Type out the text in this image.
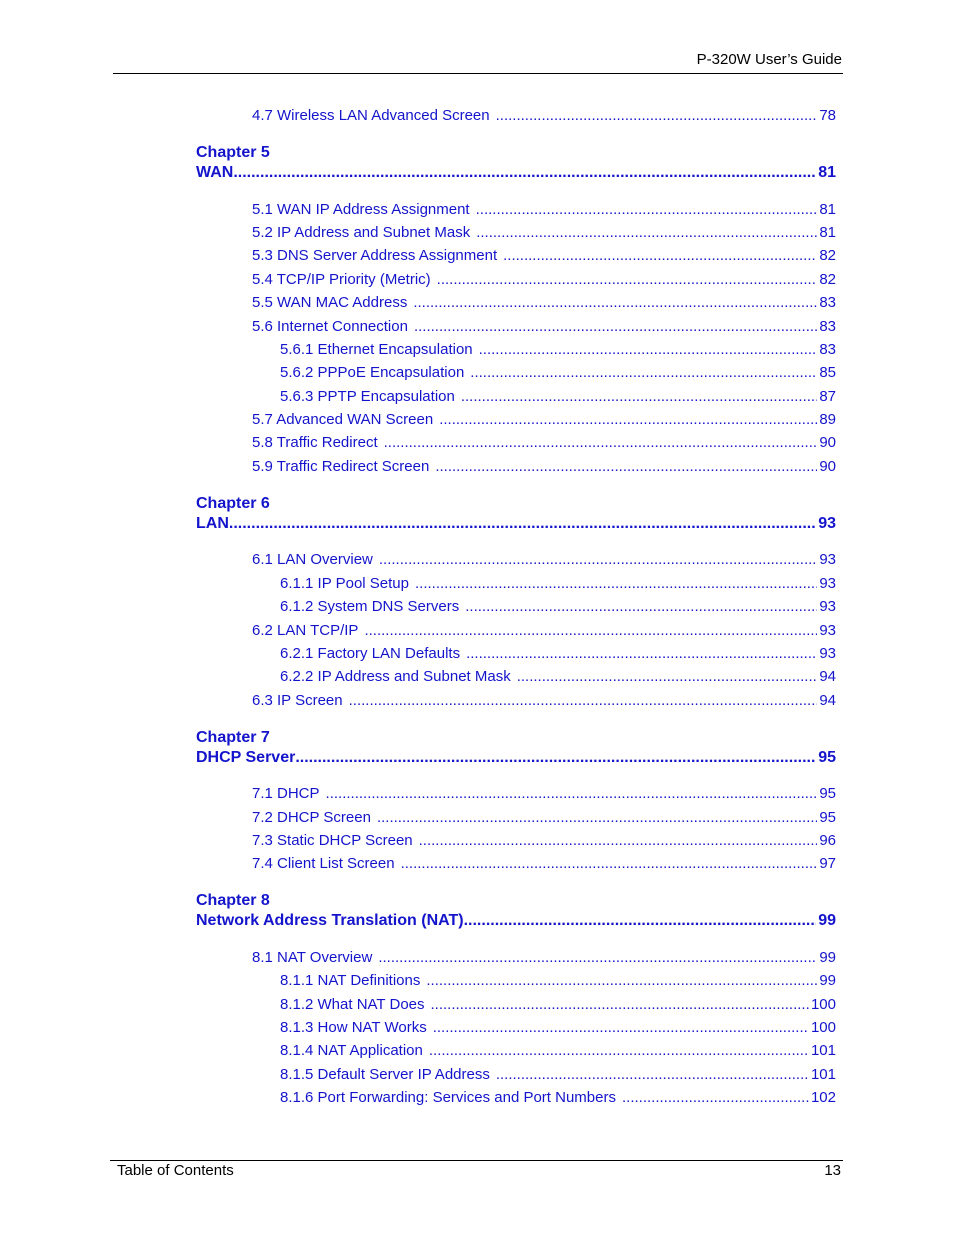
P-320W User’s Guide
4.7 Wireless LAN Advanced Screen .....	78
Chapter 5
WAN .....	81
5.1 WAN IP Address Assignment .....	81
5.2 IP Address and Subnet Mask .....	81
5.3 DNS Server Address Assignment .....	82
5.4 TCP/IP Priority (Metric) .....	82
5.5 WAN MAC Address .....	83
5.6 Internet Connection .....	83
5.6.1 Ethernet Encapsulation .....	83
5.6.2 PPPoE Encapsulation .....	85
5.6.3 PPTP Encapsulation .....	87
5.7 Advanced WAN Screen .....	89
5.8 Traffic Redirect .....	90
5.9 Traffic Redirect Screen .....	90
Chapter 6
LAN .....	93
6.1 LAN Overview .....	93
6.1.1 IP Pool Setup .....	93
6.1.2 System DNS Servers .....	93
6.2 LAN TCP/IP .....	93
6.2.1 Factory LAN Defaults .....	93
6.2.2 IP Address and Subnet Mask .....	94
6.3 IP Screen .....	94
Chapter 7
DHCP Server .....	95
7.1 DHCP .....	95
7.2 DHCP Screen .....	95
7.3 Static DHCP Screen .....	96
7.4 Client List Screen .....	97
Chapter 8
Network Address Translation (NAT) .....	99
8.1 NAT Overview .....	99
8.1.1 NAT Definitions .....	99
8.1.2 What NAT Does .....	100
8.1.3 How NAT Works .....	100
8.1.4 NAT Application .....	101
8.1.5 Default Server IP Address .....	101
8.1.6 Port Forwarding: Services and Port Numbers .....	102
Table of Contents	13
